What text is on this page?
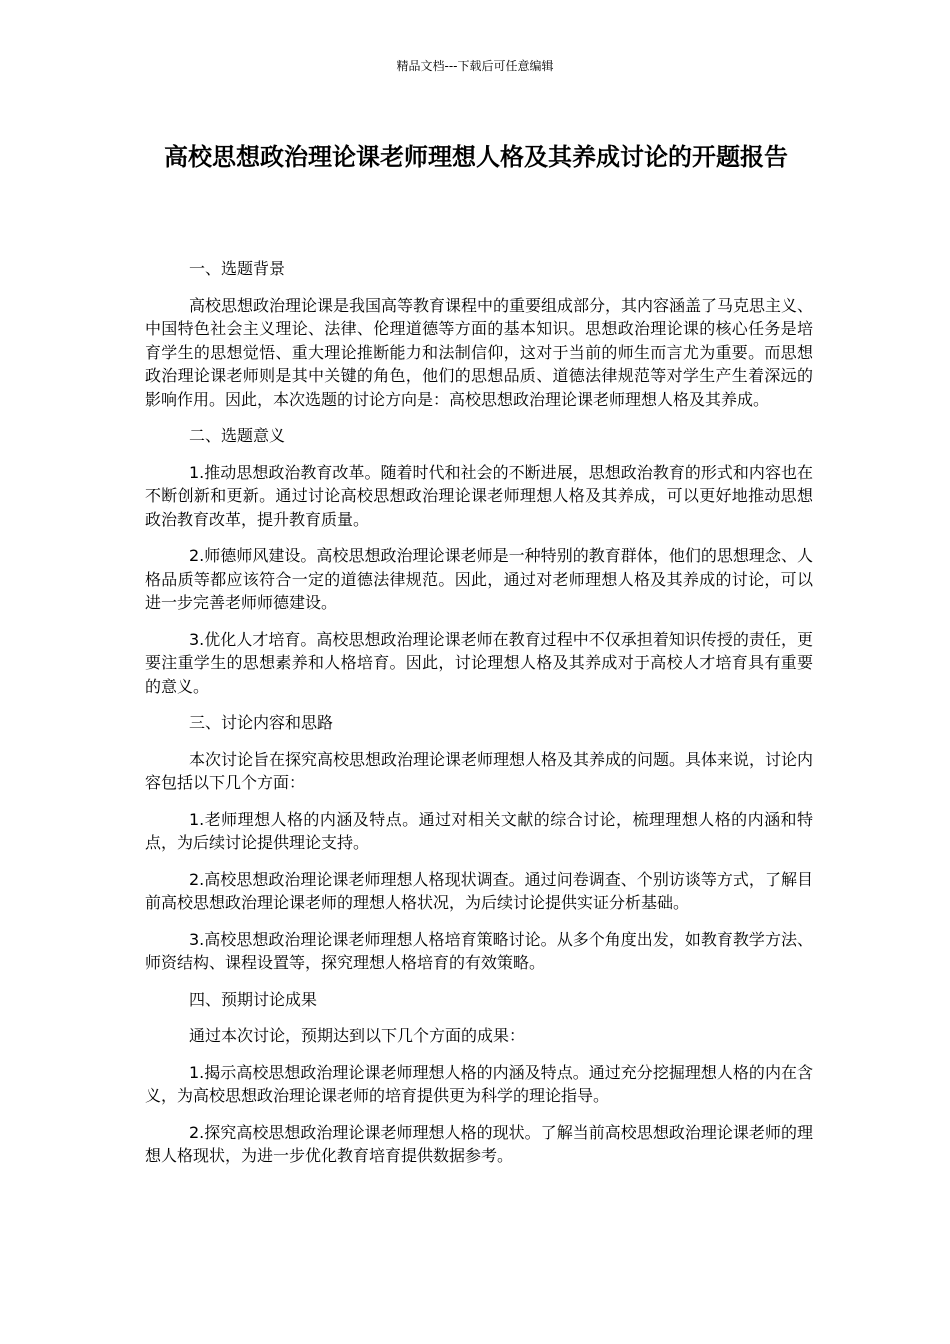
精品文档---下载后可任意编辑
高校思想政治理论课老师理想人格及其养成讨论的开题报告

一、选题背景

高校思想政治理论课是我国高等教育课程中的重要组成部分，其内容涵盖了马克思主义、中国特色社会主义理论、法律、伦理道德等方面的基本知识。思想政治理论课的核心任务是培育学生的思想觉悟、重大理论推断能力和法制信仰，这对于当前的师生而言尤为重要。而思想政治理论课老师则是其中关键的角色，他们的思想品质、道德法律规范等对学生产生着深远的影响作用。因此，本次选题的讨论方向是：高校思想政治理论课老师理想人格及其养成。

二、选题意义

1.推动思想政治教育改革。随着时代和社会的不断进展，思想政治教育的形式和内容也在不断创新和更新。通过讨论高校思想政治理论课老师理想人格及其养成，可以更好地推动思想政治教育改革，提升教育质量。

2.师德师风建设。高校思想政治理论课老师是一种特别的教育群体，他们的思想理念、人格品质等都应该符合一定的道德法律规范。因此，通过对老师理想人格及其养成的讨论，可以进一步完善老师师德建设。

3.优化人才培育。高校思想政治理论课老师在教育过程中不仅承担着知识传授的责任，更要注重学生的思想素养和人格培育。因此，讨论理想人格及其养成对于高校人才培育具有重要的意义。

三、讨论内容和思路

本次讨论旨在探究高校思想政治理论课老师理想人格及其养成的问题。具体来说，讨论内容包括以下几个方面：

1.老师理想人格的内涵及特点。通过对相关文献的综合讨论，梳理理想人格的内涵和特点，为后续讨论提供理论支持。

2.高校思想政治理论课老师理想人格现状调查。通过问卷调查、个别访谈等方式，了解目前高校思想政治理论课老师的理想人格状况，为后续讨论提供实证分析基础。

3.高校思想政治理论课老师理想人格培育策略讨论。从多个角度出发，如教育教学方法、师资结构、课程设置等，探究理想人格培育的有效策略。

四、预期讨论成果

通过本次讨论，预期达到以下几个方面的成果：

1.揭示高校思想政治理论课老师理想人格的内涵及特点。通过充分挖掘理想人格的内在含义，为高校思想政治理论课老师的培育提供更为科学的理论指导。

2.探究高校思想政治理论课老师理想人格的现状。了解当前高校思想政治理论课老师的理想人格现状，为进一步优化教育培育提供数据参考。
